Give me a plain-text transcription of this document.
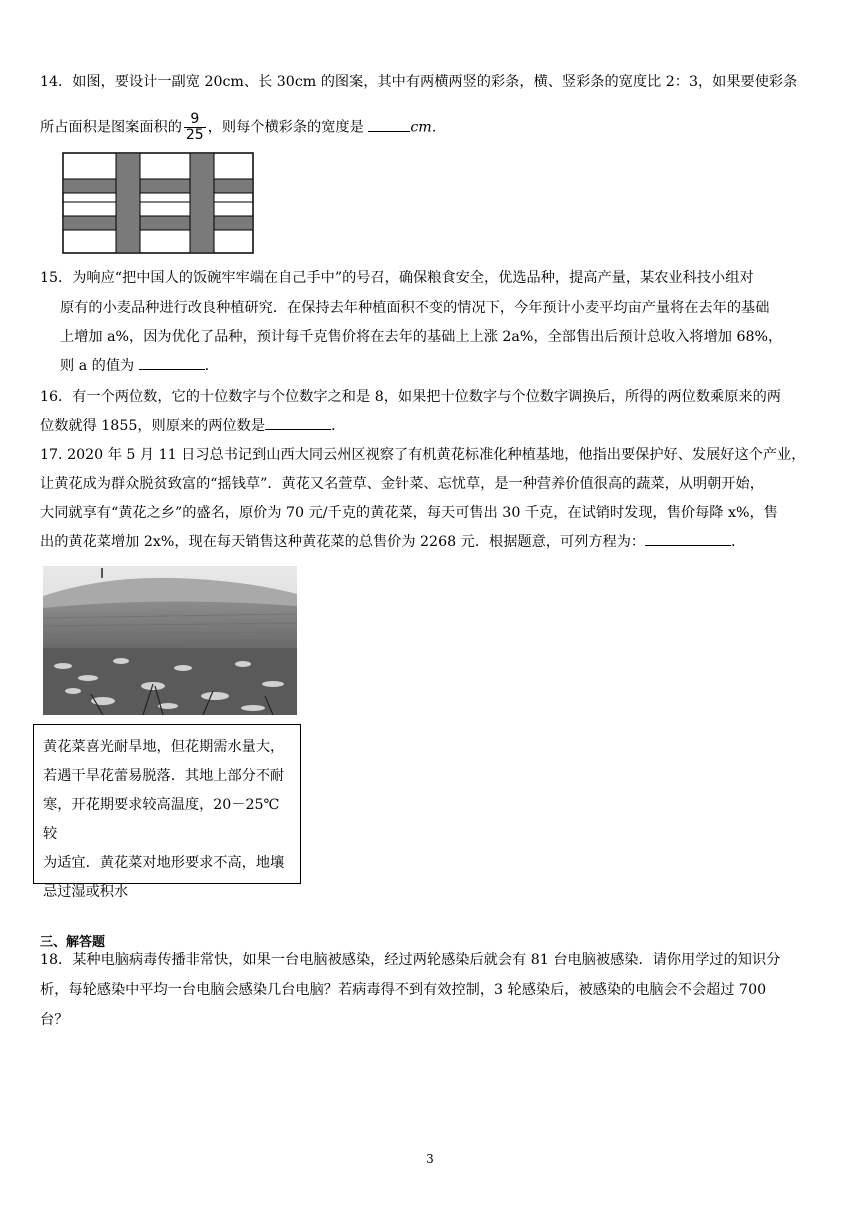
14．如图，要设计一副宽 20cm、长 30cm 的图案，其中有两横两竖的彩条，横、竖彩条的宽度比 2：3，如果要使彩条
所占面积是图案面积的 $\frac{9}{25}$ ，则每个横彩条的宽度是	cm．
15．为响应“把中国人的饭碗牢牢端在自己手中”的号召，确保粮食安全，优选品种，提高产量，某农业科技小组对
原有的小麦品种进行改良种植研究．在保持去年种植面积不变的情况下，今年预计小麦平均亩产量将在去年的基础
上增加 a%，因为优化了品种，预计每千克售价将在去年的基础上上涨 2a%，全部售出后预计总收入将增加 68%，
则 a 的值为	．
16．有一个两位数，它的十位数字与个位数字之和是 8，如果把十位数字与个位数字调换后，所得的两位数乘原来的两
位数就得 1855，则原来的两位数是	．
17. 2020 年 5 月 11 日习总书记到山西大同云州区视察了有机黄花标准化种植基地，他指出要保护好、发展好这个产业，
让黄花成为群众脱贫致富的“摇钱草”．黄花又名萱草、金针菜、忘忧草，是一种营养价值很高的蔬菜，从明朝开始，
大同就享有“黄花之乡”的盛名，原价为 70 元/千克的黄花菜，每天可售出 30 千克，在试销时发现，售价每降 x%，售
出的黄花菜增加 2x%，现在每天销售这种黄花菜的总售价为 2268 元．根据题意，可列方程为：	．
黄花菜喜光耐旱地，但花期需水量大，
若遇干旱花蕾易脱落．其地上部分不耐
寒，开花期要求较高温度，20－25℃较
为适宜．黄花菜对地形要求不高，地壤
忌过湿或积水
三、解答题
18．某种电脑病毒传播非常快，如果一台电脑被感染，经过两轮感染后就会有 81 台电脑被感染．请你用学过的知识分
析，每轮感染中平均一台电脑会感染几台电脑？若病毒得不到有效控制，3 轮感染后，被感染的电脑会不会超过 700
台？
3
